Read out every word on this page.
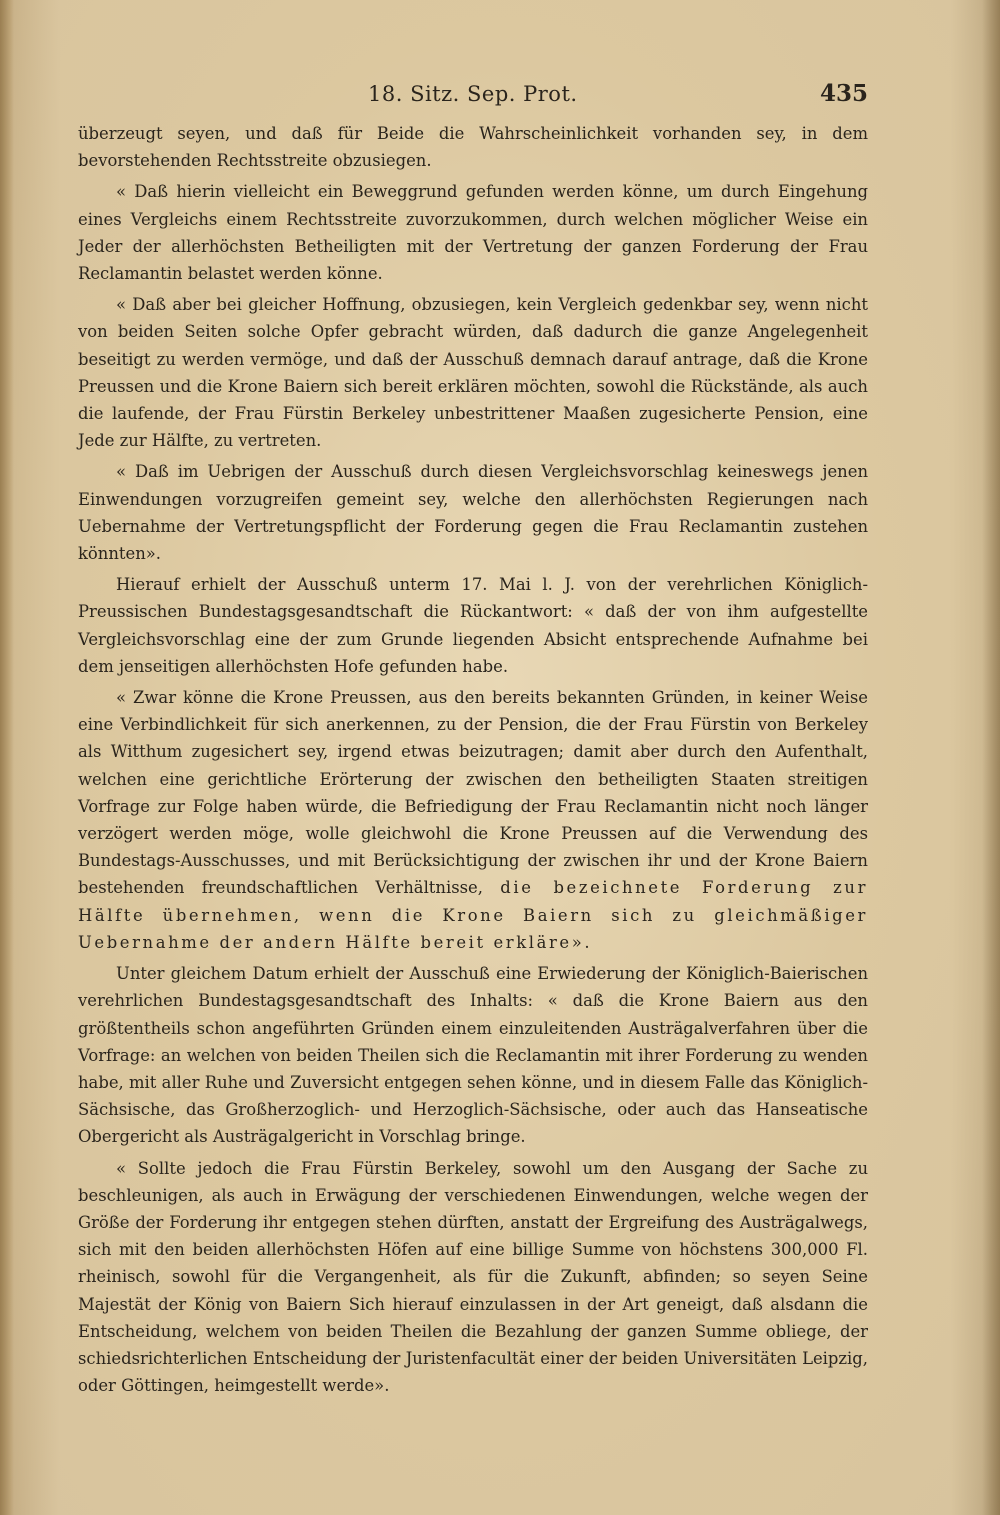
18. Sitz. Sep. Prot.	435

überzeugt seyen, und daß für Beide die Wahrscheinlichkeit vorhanden sey, in dem bevorstehenden Rechtsstreite obzusiegen.

« Daß hierin vielleicht ein Beweggrund gefunden werden könne, um durch Eingehung eines Vergleichs einem Rechtsstreite zuvorzukommen, durch welchen möglicher Weise ein Jeder der allerhöchsten Betheiligten mit der Vertretung der ganzen Forderung der Frau Reclamantin belastet werden könne.

« Daß aber bei gleicher Hoffnung, obzusiegen, kein Vergleich gedenkbar sey, wenn nicht von beiden Seiten solche Opfer gebracht würden, daß dadurch die ganze Angelegenheit beseitigt zu werden vermöge, und daß der Ausschuß demnach darauf antrage, daß die Krone Preussen und die Krone Baiern sich bereit erklären möchten, sowohl die Rückstände, als auch die laufende, der Frau Fürstin Berkeley unbestrittener Maaßen zugesicherte Pension, eine Jede zur Hälfte, zu vertreten.

« Daß im Uebrigen der Ausschuß durch diesen Vergleichsvorschlag keineswegs jenen Einwendungen vorzugreifen gemeint sey, welche den allerhöchsten Regierungen nach Uebernahme der Vertretungspflicht der Forderung gegen die Frau Reclamantin zustehen könnten».

Hierauf erhielt der Ausschuß unterm 17. Mai l. J. von der verehrlichen Königlich-Preussischen Bundestagsgesandtschaft die Rückantwort: « daß der von ihm aufgestellte Vergleichsvorschlag eine der zum Grunde liegenden Absicht entsprechende Aufnahme bei dem jenseitigen allerhöchsten Hofe gefunden habe.

« Zwar könne die Krone Preussen, aus den bereits bekannten Gründen, in keiner Weise eine Verbindlichkeit für sich anerkennen, zu der Pension, die der Frau Fürstin von Berkeley als Witthum zugesichert sey, irgend etwas beizutragen; damit aber durch den Aufenthalt, welchen eine gerichtliche Erörterung der zwischen den betheiligten Staaten streitigen Vorfrage zur Folge haben würde, die Befriedigung der Frau Reclamantin nicht noch länger verzögert werden möge, wolle gleichwohl die Krone Preussen auf die Verwendung des Bundestags-Ausschusses, und mit Berücksichtigung der zwischen ihr und der Krone Baiern bestehenden freundschaftlichen Verhältnisse, die bezeichnete Forderung zur Hälfte übernehmen, wenn die Krone Baiern sich zu gleichmäßiger Uebernahme der andern Hälfte bereit erkläre».

Unter gleichem Datum erhielt der Ausschuß eine Erwiederung der Königlich-Baierischen verehrlichen Bundestagsgesandtschaft des Inhalts: « daß die Krone Baiern aus den größtentheils schon angeführten Gründen einem einzuleitenden Austrägalverfahren über die Vorfrage: an welchen von beiden Theilen sich die Reclamantin mit ihrer Forderung zu wenden habe, mit aller Ruhe und Zuversicht entgegen sehen könne, und in diesem Falle das Königlich-Sächsische, das Großherzoglich- und Herzoglich-Sächsische, oder auch das Hanseatische Obergericht als Austrägalgericht in Vorschlag bringe.

« Sollte jedoch die Frau Fürstin Berkeley, sowohl um den Ausgang der Sache zu beschleunigen, als auch in Erwägung der verschiedenen Einwendungen, welche wegen der Größe der Forderung ihr entgegen stehen dürften, anstatt der Ergreifung des Austrägalwegs, sich mit den beiden allerhöchsten Höfen auf eine billige Summe von höchstens 300,000 Fl. rheinisch, sowohl für die Vergangenheit, als für die Zukunft, abfinden; so seyen Seine Majestät der König von Baiern Sich hierauf einzulassen in der Art geneigt, daß alsdann die Entscheidung, welchem von beiden Theilen die Bezahlung der ganzen Summe obliege, der schiedsrichterlichen Entscheidung der Juristenfacultät einer der beiden Universitäten Leipzig, oder Göttingen, heimgestellt werde».
